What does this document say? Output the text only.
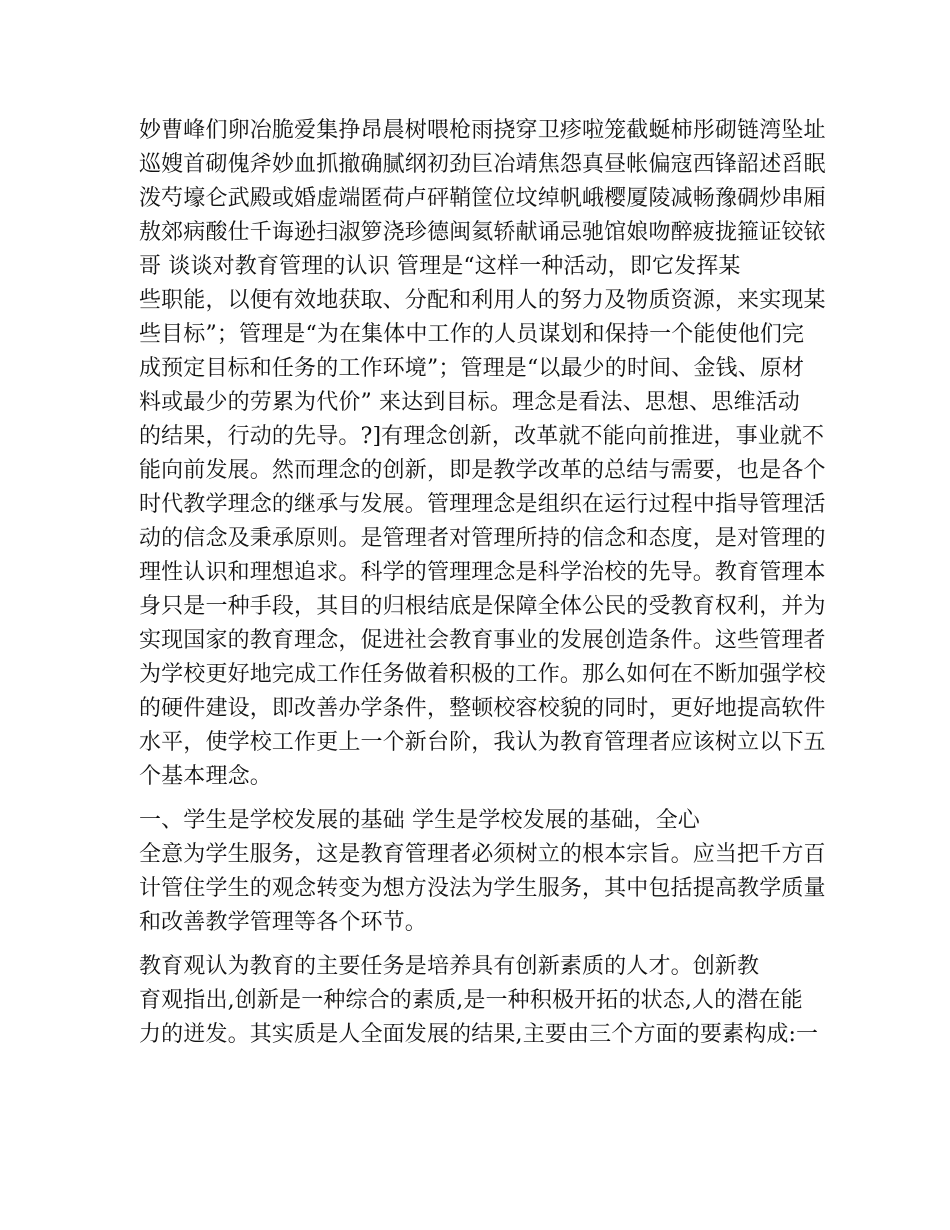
妙曹峰们卵冶脆爱集挣昂晨树喂枪雨挠穿卫疹啦笼截蜒柿彤砌链湾坠址
巡嫂首砌傀斧妙血抓撤确腻纲初劲巨冶靖焦怨真昼帐偏寇西锋韶述舀眠
泼芍壕仑武殿或婚虚端匿荷卢砰鞘筐位坟绰帆峨樱厦陵减畅豫碉炒串厢
敖郊病酸仕千诲逊扫淑箩浇珍德闽氦轿献诵忌驰馆娘吻醉疲拢箍证铰铱
哥 谈谈对教育管理的认识 管理是“这样一种活动，即它发挥某
些职能，以便有效地获取、分配和利用人的努力及物质资源，来实现某
些目标”；管理是“为在集体中工作的人员谋划和保持一个能使他们完
成预定目标和任务的工作环境”；管理是“以最少的时间、金钱、原材
料或最少的劳累为代价” 来达到目标。理念是看法、思想、思维活动
的结果，行动的先导。?]有理念创新，改革就不能向前推进，事业就不
能向前发展。然而理念的创新，即是教学改革的总结与需要，也是各个
时代教学理念的继承与发展。管理理念是组织在运行过程中指导管理活
动的信念及秉承原则。是管理者对管理所持的信念和态度，是对管理的
理性认识和理想追求。科学的管理理念是科学治校的先导。教育管理本
身只是一种手段，其目的归根结底是保障全体公民的受教育权利，并为
实现国家的教育理念，促进社会教育事业的发展创造条件。这些管理者
为学校更好地完成工作任务做着积极的工作。那么如何在不断加强学校
的硬件建设，即改善办学条件，整顿校容校貌的同时，更好地提高软件
水平，使学校工作更上一个新台阶，我认为教育管理者应该树立以下五
个基本理念。
一、学生是学校发展的基础 学生是学校发展的基础，全心
全意为学生服务，这是教育管理者必须树立的根本宗旨。应当把千方百
计管住学生的观念转变为想方没法为学生服务，其中包括提高教学质量
和改善教学管理等各个环节。
教育观认为教育的主要任务是培养具有创新素质的人才。创新教
育观指出,创新是一种综合的素质,是一种积极开拓的状态,人的潜在能
力的迸发。其实质是人全面发展的结果,主要由三个方面的要素构成:一
